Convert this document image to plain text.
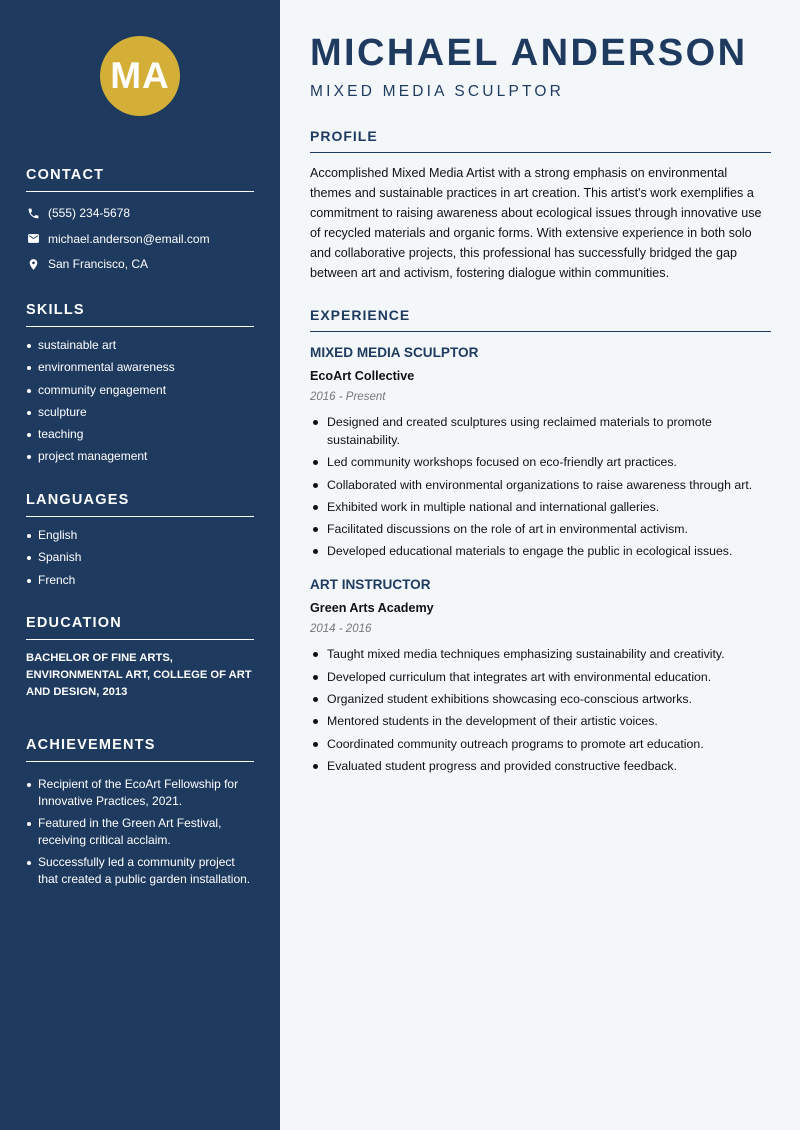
MA
CONTACT
(555) 234-5678
michael.anderson@email.com
San Francisco, CA
SKILLS
sustainable art
environmental awareness
community engagement
sculpture
teaching
project management
LANGUAGES
English
Spanish
French
EDUCATION
BACHELOR OF FINE ARTS, ENVIRONMENTAL ART, COLLEGE OF ART AND DESIGN, 2013
ACHIEVEMENTS
Recipient of the EcoArt Fellowship for Innovative Practices, 2021.
Featured in the Green Art Festival, receiving critical acclaim.
Successfully led a community project that created a public garden installation.
MICHAEL ANDERSON
MIXED MEDIA SCULPTOR
PROFILE

Accomplished Mixed Media Artist with a strong emphasis on environmental themes and sustainable practices in art creation. This artist's work exemplifies a commitment to raising awareness about ecological issues through innovative use of recycled materials and organic forms. With extensive experience in both solo and collaborative projects, this professional has successfully bridged the gap between art and activism, fostering dialogue within communities.

EXPERIENCE
MIXED MEDIA SCULPTOR
EcoArt Collective
2016 - Present
Designed and created sculptures using reclaimed materials to promote sustainability.
Led community workshops focused on eco-friendly art practices.
Collaborated with environmental organizations to raise awareness through art.
Exhibited work in multiple national and international galleries.
Facilitated discussions on the role of art in environmental activism.
Developed educational materials to engage the public in ecological issues.
ART INSTRUCTOR
Green Arts Academy
2014 - 2016
Taught mixed media techniques emphasizing sustainability and creativity.
Developed curriculum that integrates art with environmental education.
Organized student exhibitions showcasing eco-conscious artworks.
Mentored students in the development of their artistic voices.
Coordinated community outreach programs to promote art education.
Evaluated student progress and provided constructive feedback.
